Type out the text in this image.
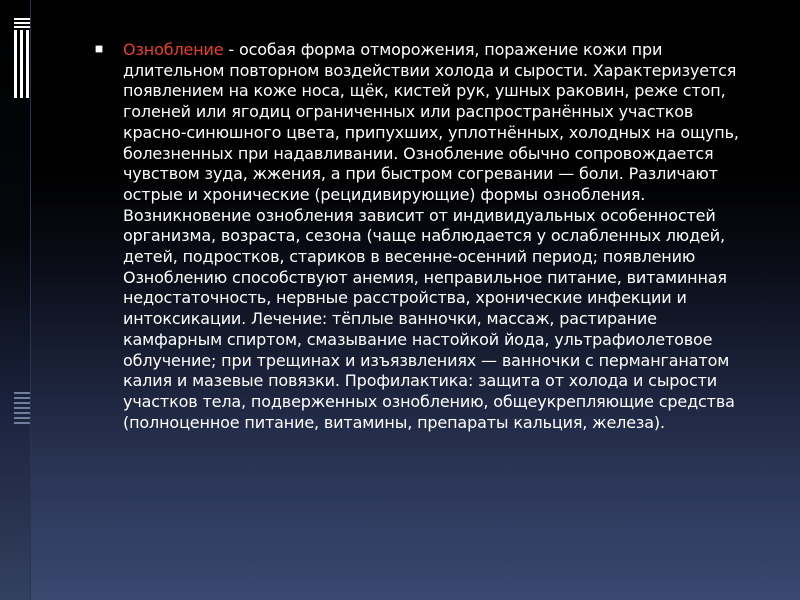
Ознобление - особая форма отморожения, поражение кожи при длительном повторном воздействии холода и сырости. Характеризуется появлением на коже носа, щёк, кистей рук, ушных раковин, реже стоп, голеней или ягодиц ограниченных или распространённых участков красно-синюшного цвета, припухших, уплотнённых, холодных на ощупь, болезненных при надавливании. Ознобление обычно сопровождается чувством зуда, жжения, а при быстром согревании — боли. Различают острые и хронические (рецидивирующие) формы ознобления. Возникновение ознобления зависит от индивидуальных особенностей организма, возраста, сезона (чаще наблюдается у ослабленных людей, детей, подростков, стариков в весенне-осенний период; появлению Озноблению способствуют анемия, неправильное питание, витаминная недостаточность, нервные расстройства, хронические инфекции и интоксикации. Лечение: тёплые ванночки, массаж, растирание камфарным спиртом, смазывание настойкой йода, ультрафиолетовое облучение; при трещинах и изъязвлениях — ванночки с перманганатом калия и мазевые повязки. Профилактика: защита от холода и сырости участков тела, подверженных озноблению, общеукрепляющие средства (полноценное питание, витамины, препараты кальция, железа).
